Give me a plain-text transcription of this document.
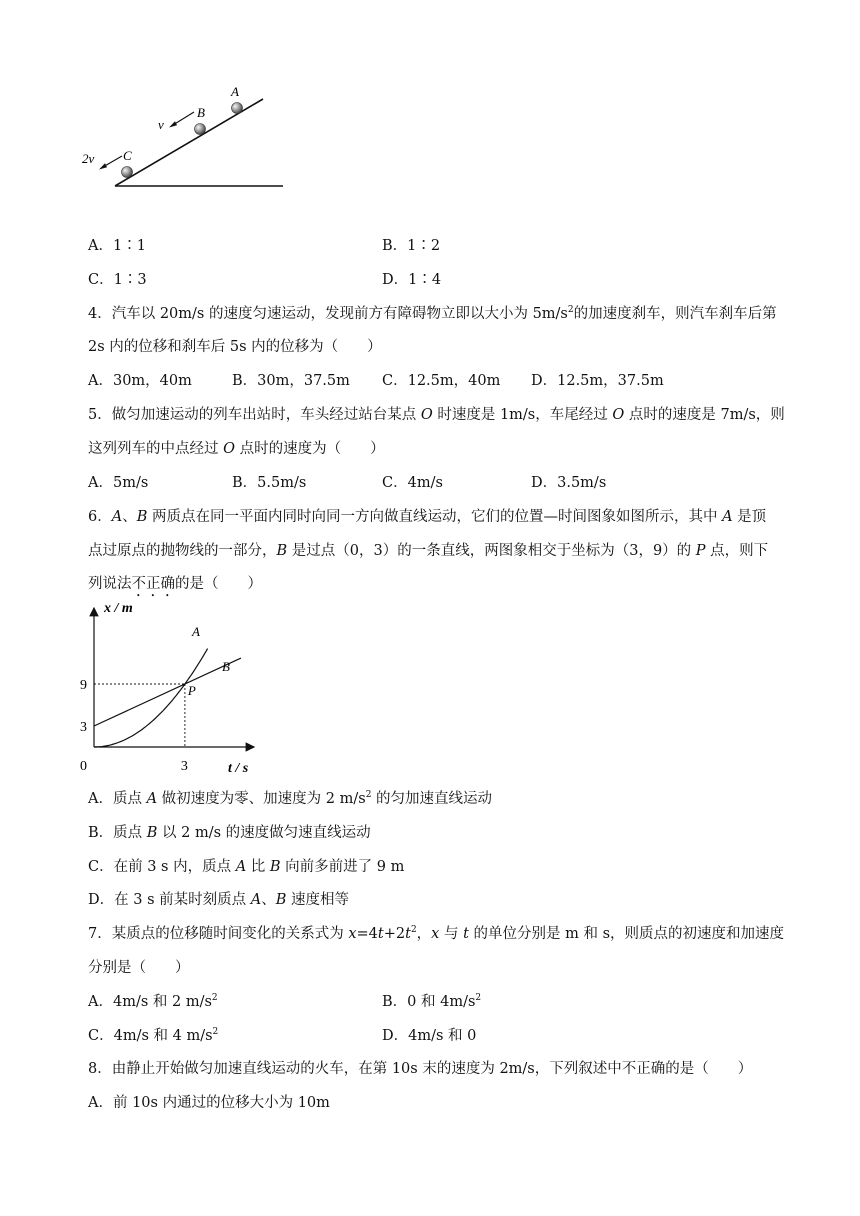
A
B
C
v
2v
A．1∶1	B．1∶2
C．1∶3	D．1∶4
4．汽车以 20m/s 的速度匀速运动，发现前方有障碍物立即以大小为 $5m/s^2$的加速度刹车，则汽车刹车后第
2s 内的位移和刹车后 5s 内的位移为（　　）
A．30m，40m	B．30m，37.5m C．12.5m，40m D．12.5m，37.5m
5．做匀加速运动的列车出站时，车头经过站台某点 O 时速度是 1m/s，车尾经过 O 点时的速度是 7m/s，则
这列列车的中点经过 O 点时的速度为（　　）
A．5m/s	B．5.5m/s	C．4m/s	D．3.5m/s
6．A、B 两质点在同一平面内同时向同一方向做直线运动，它们的位置—时间图象如图所示，其中 A 是顶
点过原点的抛物线的一部分，B 是过点（0，3）的一条直线，两图象相交于坐标为（3，9）的 P 点，则下
列说法不正确的是（　　）
x / m
t / s
0
3
9
3
A
B
P
A．质点 A 做初速度为零、加速度为 2 $m/s^2$ 的匀加速直线运动
B．质点 B 以 2 m/s 的速度做匀速直线运动
C．在前 3 s 内，质点 A 比 B 向前多前进了 9 m
D．在 3 s 前某时刻质点 A、B 速度相等
7．某质点的位移随时间变化的关系式为 $x=4t+2t^2$，x 与 t 的单位分别是 m 和 s，则质点的初速度和加速度
分别是（　　）
A．4m/s 和 2 $m/s^2$	B．0 和 $4m/s^2$
C．4m/s 和 4 $m/s^2$	D．4m/s 和 0
8．由静止开始做匀加速直线运动的火车，在第 10s 末的速度为 2m/s，下列叙述中不正确的是（　　）
A．前 10s 内通过的位移大小为 10m
